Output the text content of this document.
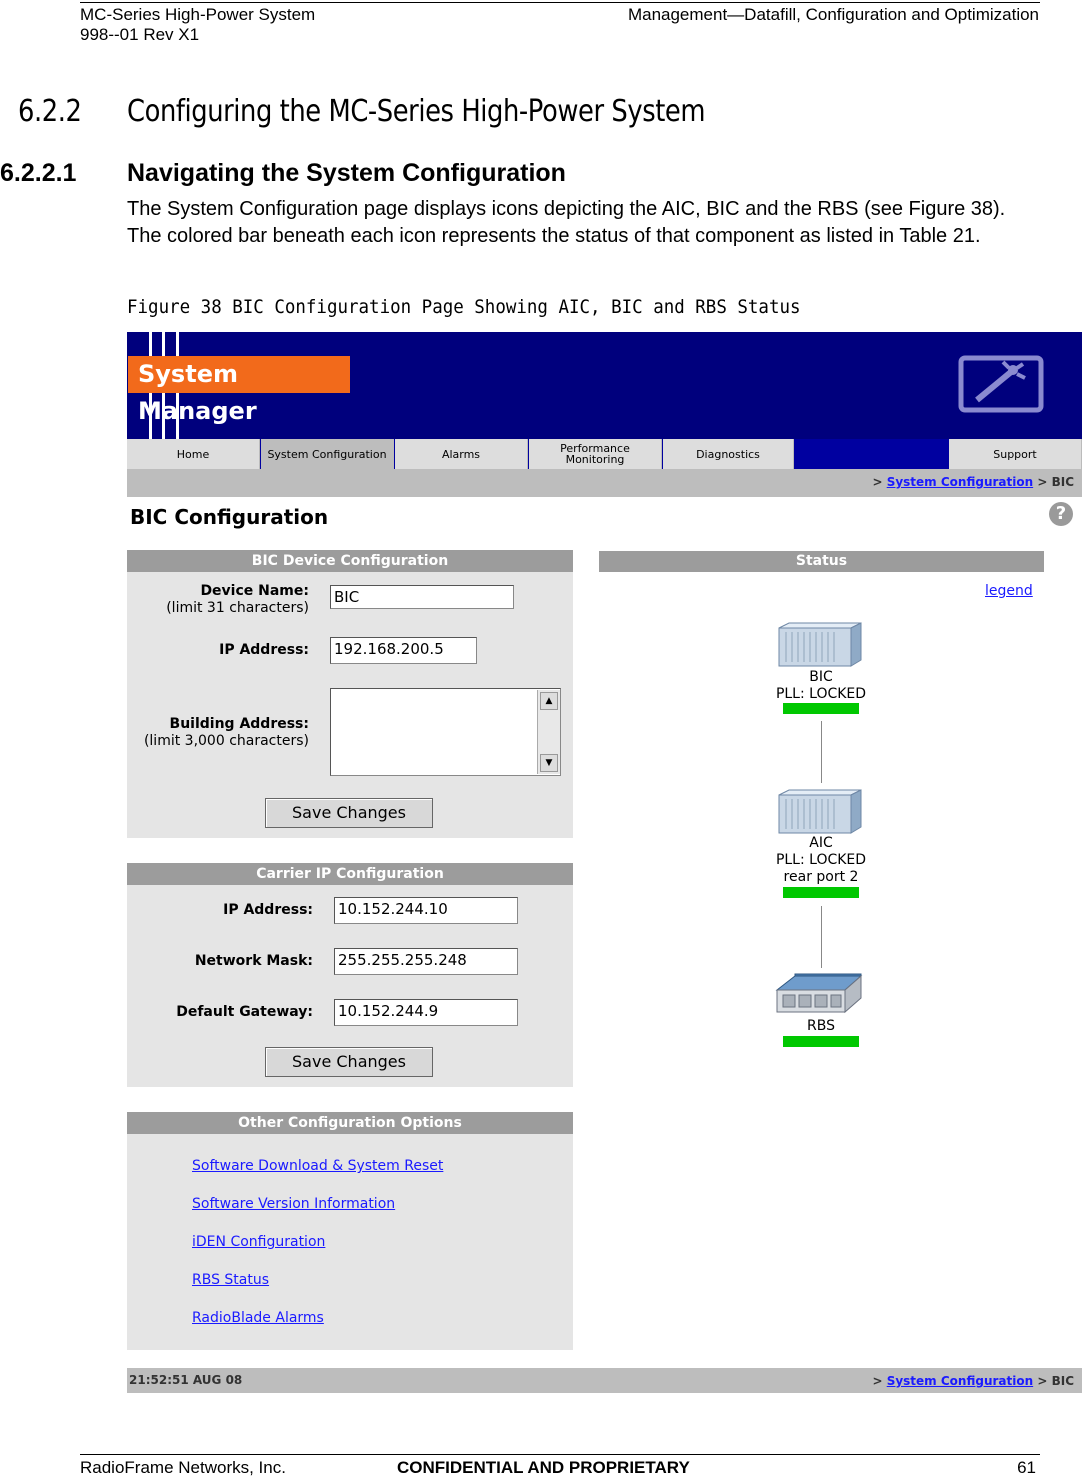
MC-Series High-Power System
998--01 Rev X1
Management—Datafill, Configuration and Optimization
6.2.2 Configuring the MC-Series High-Power System
6.2.2.1 Navigating the System Configuration
The System Configuration page displays icons depicting the AIC, BIC and the RBS (see Figure 38). The colored bar beneath each icon represents the status of that component as listed in Table 21.
Figure 38 BIC Configuration Page Showing AIC, BIC and RBS Status
System Manager
Home	System Configuration	Alarms	Performance Monitoring	Diagnostics	Support
> System Configuration > BIC
BIC Configuration	?
BIC Device Configuration
Device Name:
(limit 31 characters)
BIC
IP Address: 192.168.200.5
Building Address:
(limit 3,000 characters)
▲
▼
Save Changes
Carrier IP Configuration
IP Address: 10.152.244.10
Network Mask: 255.255.255.248
Default Gateway: 10.152.244.9
Save Changes
Other Configuration Options
Software Download & System Reset
Software Version Information
iDEN Configuration
RBS Status
RadioBlade Alarms
Status
legend
BIC
PLL: LOCKED
AIC
PLL: LOCKED
rear port 2
RBS
21:52:51 AUG 08	> System Configuration > BIC
RadioFrame Networks, Inc.	CONFIDENTIAL AND PROPRIETARY	61
